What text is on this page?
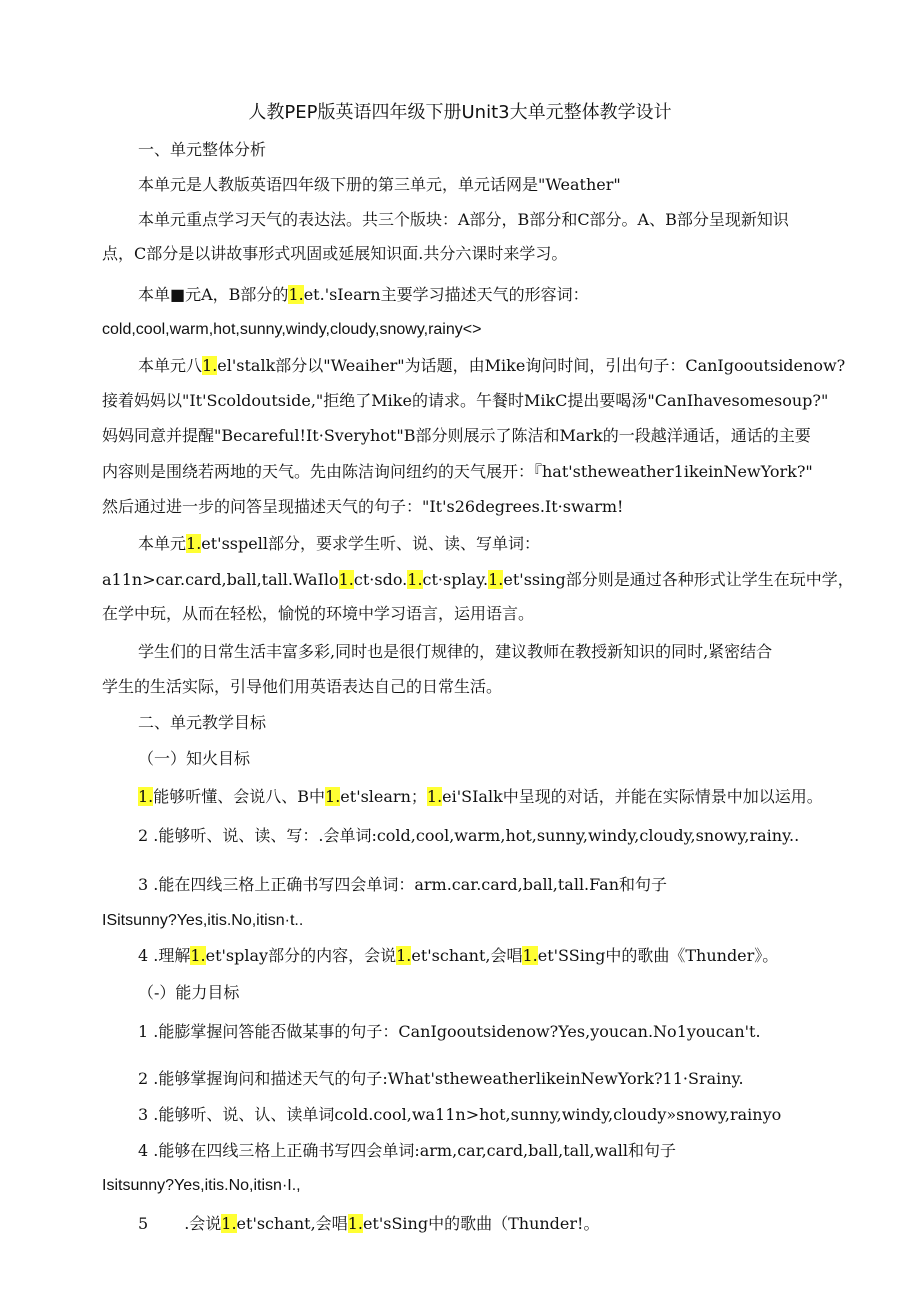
人教PEP版英语四年级下册Unit3大单元整体教学设计
一、单元整体分析
本单元是人教版英语四年级下册的第三单元，单元话网是"Weather"
本单元重点学习天气的表达法。共三个版块：A部分，B部分和C部分。A、B部分呈现新知识
点，C部分是以讲故事形式巩固或延展知识面.共分六课时来学习。
本单■元A，B部分的1.et.'sIearn主要学习描述天气的形容词：
cold,cool,warm,hot,sunny,windy,cloudy,snowy,rainy<>
本单元八1.el'stalk部分以"Weaiher"为话题，由Mike询问时间，引出句子：CanIgooutsidenow?
接着妈妈以"It'Scoldoutside,"拒绝了Mike的请求。午餐时MikC提出要喝汤"CanIhavesomesoup?"
妈妈同意并提醒"Becareful!It·Sveryhot"B部分则展示了陈洁和Mark的一段越洋通话，通话的主要
内容则是围绕若两地的天气。先由陈洁询问纽约的天气展开：『hat'stheweather1ikeinNewYork?"
然后通过进一步的问答呈现描述天气的句子："It's26degrees.It·swarm!
本单元1.et'sspell部分，要求学生听、说、读、写单词：
a11n>car.card,ball,tall.WaIlo1.ct·sdo.1.ct·splay.1.et'ssing部分则是通过各种形式让学生在玩中学，
在学中玩，从而在轻松，愉悦的环境中学习语言，运用语言。
学生们的日常生活丰富多彩,同时也是很仃规律的，建议教师在教授新知识的同时,紧密结合
学生的生活实际，引导他们用英语表达自己的日常生活。
二、单元教学目标
（一）知火目标
1.能够听懂、会说八、B中1.et'slearn；1.ei'SIalk中呈现的对话，并能在实际情景中加以运用。
2 .能够听、说、读、写：.会单词:cold,cool,warm,hot,sunny,windy,cloudy,snowy,rainy..
3 .能在四线三格上正确书写四会单词：arm.car.card,ball,tall.Fan和句子
ISitsunny?Yes,itis.No,itisn·t..
4 .理解1.et'splay部分的内容，会说1.et'schant,会唱1.et'SSing中的歌曲《Thunder》。
（-）能力目标
1 .能膨掌握问答能否做某事的句子：CanIgooutsidenow?Yes,youcan.No1youcan't.
2 .能够掌握询问和描述天气的句子:What'stheweatherlikeinNewYork?11·Srainy.
3 .能够听、说、认、读单词cold.cool,wa11n>hot,sunny,windy,cloudy»snowy,rainyo
4 .能够在四线三格上正确书写四会单词:arm,car,card,ball,tall,wall和句子
Isitsunny?Yes,itis.No,itisn·I.,
5 .会说1.et'schant,会唱1.et'sSing中的歌曲（Thunder!。
